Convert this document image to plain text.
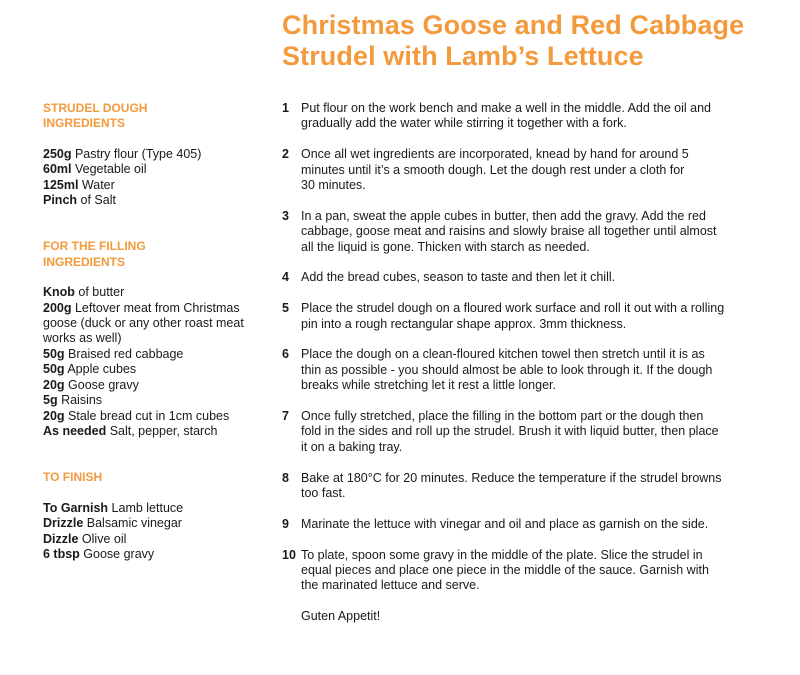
Christmas Goose and Red Cabbage
Strudel with Lamb’s Lettuce
STRUDEL DOUGH
INGREDIENTS
250g Pastry flour (Type 405)
60ml Vegetable oil
125ml Water
Pinch of Salt
FOR THE FILLING
INGREDIENTS
Knob of butter
200g Leftover meat from Christmas
goose (duck or any other roast meat
works as well)
50g Braised red cabbage
50g Apple cubes
20g Goose gravy
5g Raisins
20g Stale bread cut in 1cm cubes
As needed Salt, pepper, starch
TO FINISH
To Garnish Lamb lettuce
Drizzle Balsamic vinegar
Dizzle Olive oil
6 tbsp Goose gravy
1 Put flour on the work bench and make a well in the middle. Add the oil and
gradually add the water while stirring it together with a fork.
2 Once all wet ingredients are incorporated, knead by hand for around 5
minutes until it’s a smooth dough. Let the dough rest under a cloth for
30 minutes.
3 In a pan, sweat the apple cubes in butter, then add the gravy. Add the red
cabbage, goose meat and raisins and slowly braise all together until almost
all the liquid is gone. Thicken with starch as needed.
4 Add the bread cubes, season to taste and then let it chill.
5 Place the strudel dough on a floured work surface and roll it out with a rolling
pin into a rough rectangular shape approx. 3mm thickness.
6 Place the dough on a clean-floured kitchen towel then stretch until it is as
thin as possible - you should almost be able to look through it. If the dough
breaks while stretching let it rest a little longer.
7 Once fully stretched, place the filling in the bottom part or the dough then
fold in the sides and roll up the strudel. Brush it with liquid butter, then place
it on a baking tray.
8 Bake at 180°C for 20 minutes. Reduce the temperature if the strudel browns
too fast.
9 Marinate the lettuce with vinegar and oil and place as garnish on the side.
10 To plate, spoon some gravy in the middle of the plate. Slice the strudel in
equal pieces and place one piece in the middle of the sauce. Garnish with
the marinated lettuce and serve.
Guten Appetit!
